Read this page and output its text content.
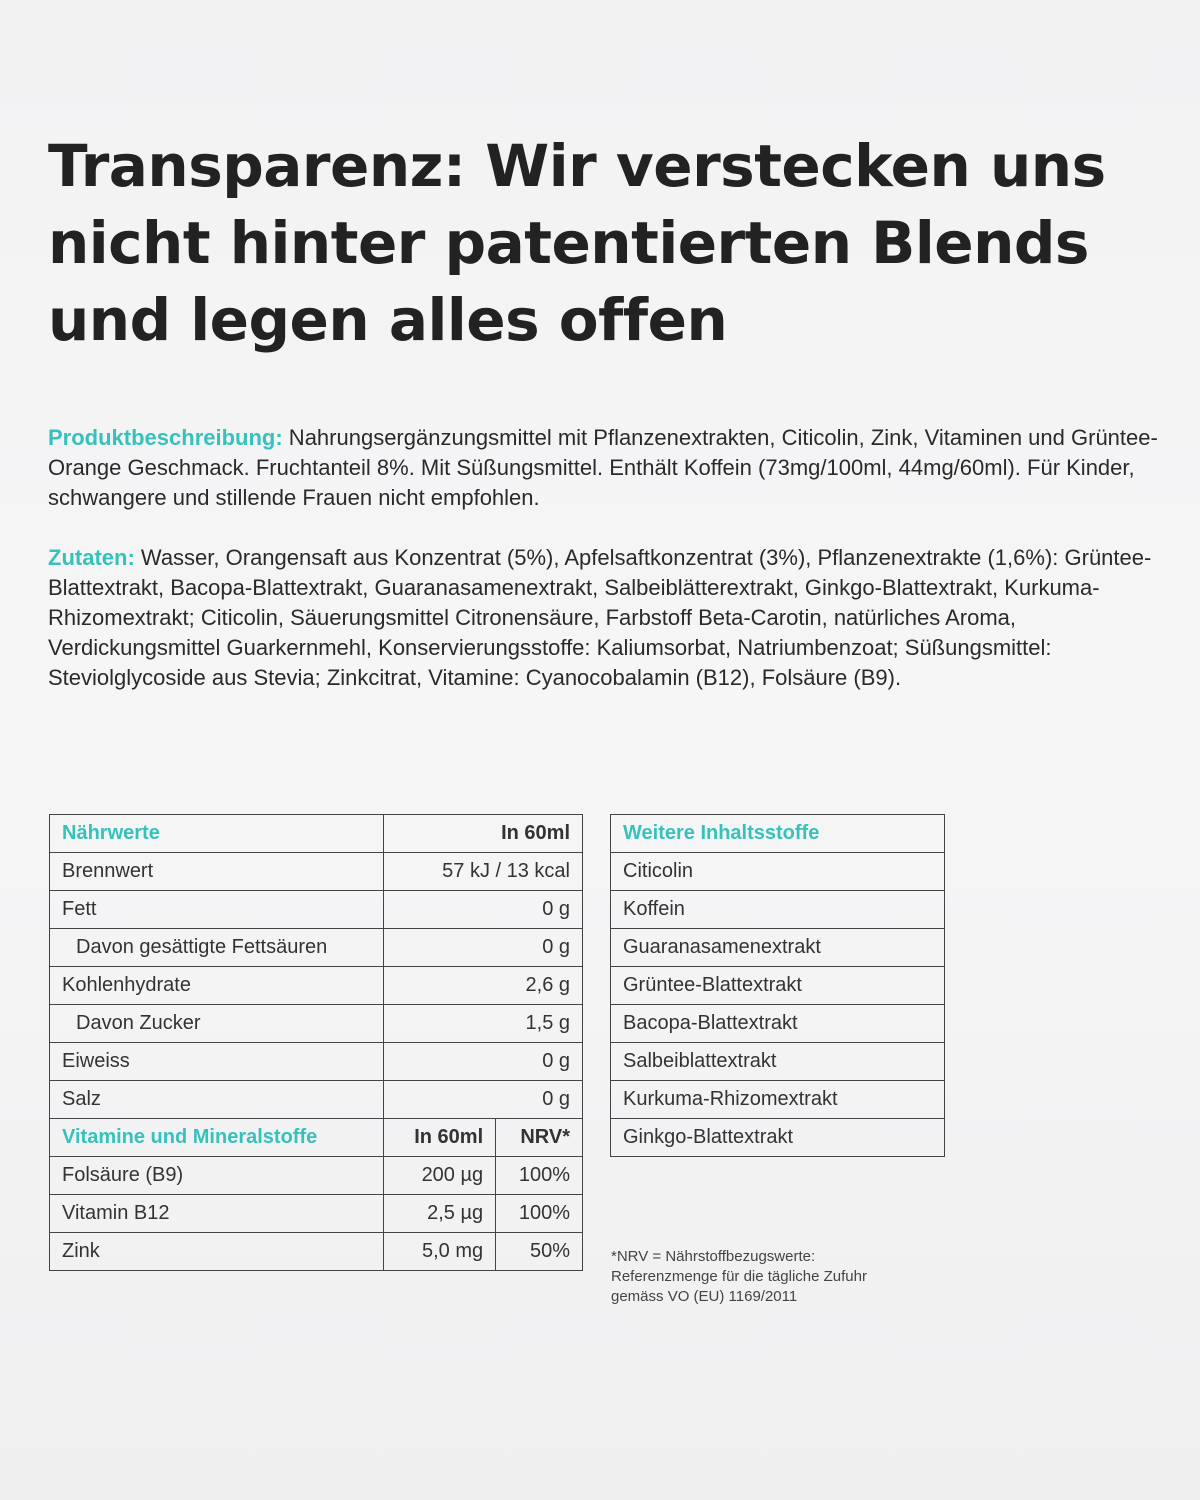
Transparenz: Wir verstecken uns
nicht hinter patentierten Blends
und legen alles offen

Produktbeschreibung: Nahrungsergänzungsmittel mit Pflanzenextrakten, Citicolin, Zink, Vitaminen und Grüntee-Orange Geschmack. Fruchtanteil 8%. Mit Süßungsmittel. Enthält Koffein (73mg/100ml, 44mg/60ml). Für Kinder, schwangere und stillende Frauen nicht empfohlen.

Zutaten: Wasser, Orangensaft aus Konzentrat (5%), Apfelsaftkonzentrat (3%), Pflanzenextrakte (1,6%): Grüntee-Blattextrakt, Bacopa-Blattextrakt, Guaranasamenextrakt, Salbeiblätterextrakt, Ginkgo-Blattextrakt, Kurkuma-Rhizomextrakt; Citicolin, Säuerungsmittel Citronensäure, Farbstoff Beta-Carotin, natürliches Aroma, Verdickungsmittel Guarkernmehl, Konservierungsstoffe: Kaliumsorbat, Natriumbenzoat; Süßungsmittel: Steviolglycoside aus Stevia; Zinkcitrat, Vitamine: Cyanocobalamin (B12), Folsäure (B9).

Nährwerte	In 60ml	
Brennwert	57 kJ / 13 kcal	
Fett	0 g	
Davon gesättigte Fettsäuren	0 g	
Kohlenhydrate	2,6 g	
Davon Zucker	1,5 g	
Eiweiss	0 g	
Salz	0 g	
Vitamine und Mineralstoffe	In 60ml	NRV*
Folsäure (B9)	200 µg	100%
Vitamin B12	2,5 µg	100%
Zink	5,0 mg	50%
Weitere Inhaltsstoffe
Citicolin
Koffein
Guaranasamenextrakt
Grüntee-Blattextrakt
Bacopa-Blattextrakt
Salbeiblattextrakt
Kurkuma-Rhizomextrakt
Ginkgo-Blattextrakt
*NRV = Nährstoffbezugswerte:
Referenzmenge für die tägliche Zufuhr
gemäss VO (EU) 1169/2011
